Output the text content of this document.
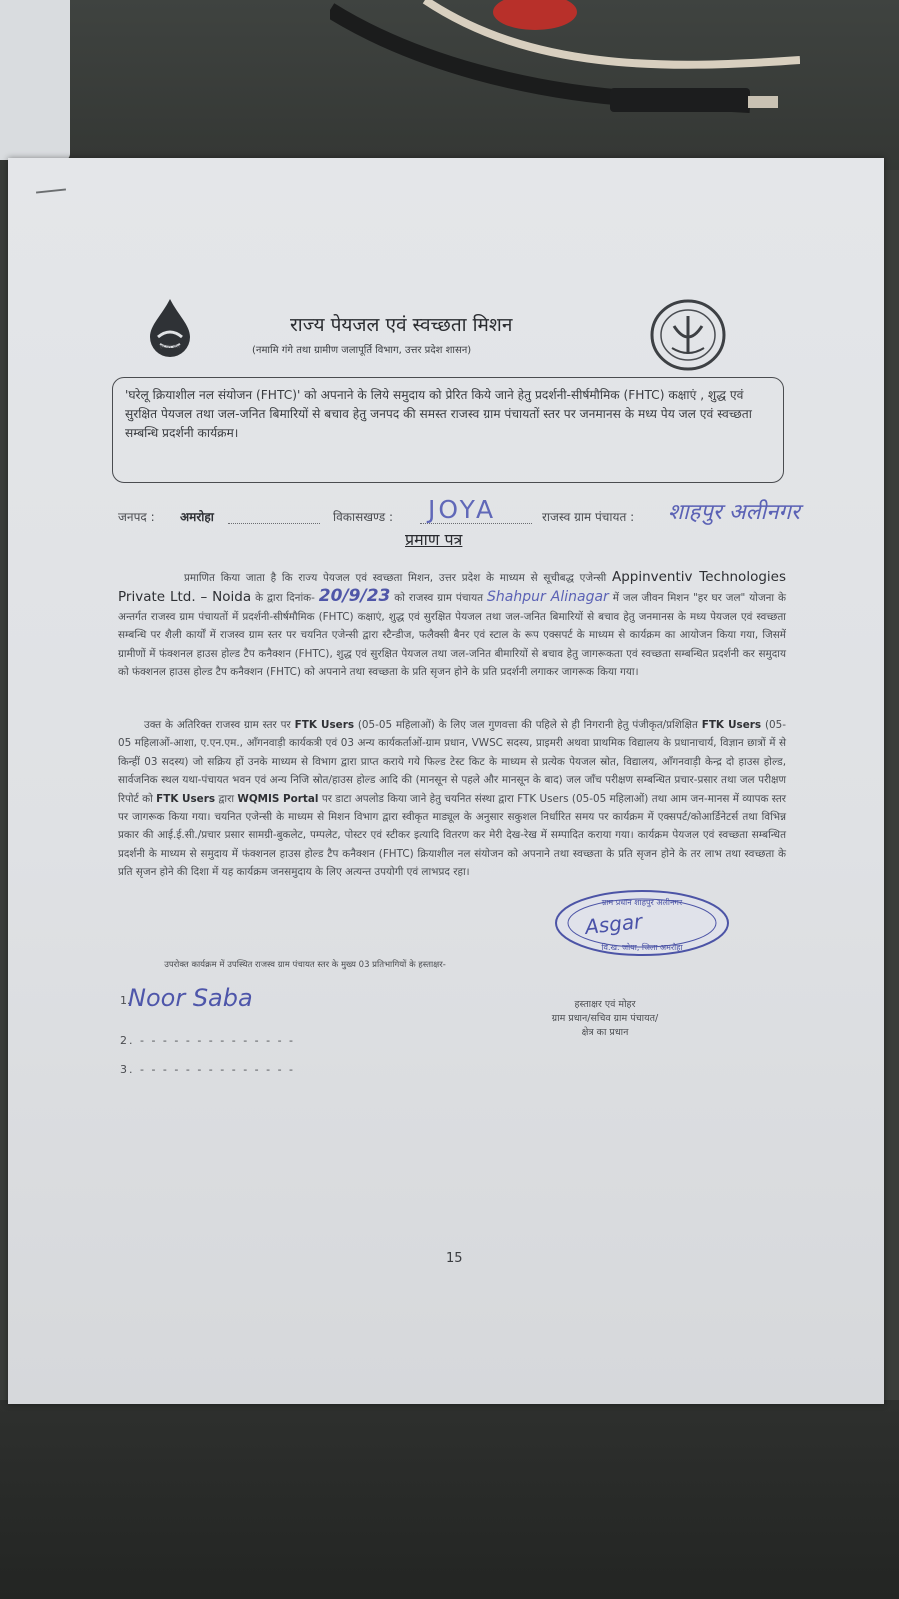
हर घर जल
राज्य पेयजल एवं स्वच्छता मिशन
(नमामि गंगे तथा ग्रामीण जलापूर्ति विभाग, उत्तर प्रदेश शासन)
'घरेलू क्रियाशील नल संयोजन (FHTC)' को अपनाने के लिये समुदाय को प्रेरित किये जाने हेतु प्रदर्शनी-सीर्षमौमिक (FHTC) कक्षाएं , शुद्ध एवं सुरक्षित पेयजल तथा जल-जनित बिमारियों से बचाव हेतु जनपद की समस्त राजस्व ग्राम पंचायतों स्तर पर जनमानस के मध्य पेय जल एवं स्वच्छता सम्बन्धि प्रदर्शनी कार्यक्रम।
जनपद : अमरोहा	विकासखण्ड : JOYA	राजस्व ग्राम पंचायत : शाहपुर अलीनगर
प्रमाण पत्र
प्रमाणित किया जाता है कि राज्य पेयजल एवं स्वच्छता मिशन, उत्तर प्रदेश के माध्यम से सूचीबद्ध एजेन्सी Appinventiv Technologies Private Ltd. – Noida के द्वारा दिनांक- 20/9/23 को राजस्व ग्राम पंचायत Shahpur Alinagar में जल जीवन मिशन "हर घर जल" योजना के अन्तर्गत राजस्व ग्राम पंचायतों में प्रदर्शनी-सीर्षमौमिक (FHTC) कक्षाएं, शुद्ध एवं सुरक्षित पेयजल तथा जल-जनित बिमारियों से बचाव हेतु जनमानस के मध्य पेयजल एवं स्वच्छता सम्बन्धि पर शैली कार्यों में राजस्व ग्राम स्तर पर चयनित एजेन्सी द्वारा स्टैन्डीज, फलैक्सी बैनर एवं स्टाल के रूप एक्सपर्ट के माध्यम से कार्यक्रम का आयोजन किया गया, जिसमें ग्रामीणों में फंक्शनल हाउस होल्ड टैप कनैक्शन (FHTC), शुद्ध एवं सुरक्षित पेयजल तथा जल-जनित बीमारियों से बचाव हेतु जागरूकता एवं स्वच्छता सम्बन्धित प्रदर्शनी कर समुदाय को फंक्शनल हाउस होल्ड टैप कनैक्शन (FHTC) को अपनाने तथा स्वच्छता के प्रति सृजन होने के प्रति प्रदर्शनी लगाकर जागरूक किया गया।
उक्त के अतिरिक्त राजस्व ग्राम स्तर पर FTK Users (05-05 महिलाओं) के लिए जल गुणवत्ता की पहिले से ही निगरानी हेतु पंजीकृत/प्रशिक्षित FTK Users (05-05 महिलाओं-आशा, ए.एन.एम., आँगनवाड़ी कार्यकत्री एवं 03 अन्य कार्यकर्ताओं-ग्राम प्रधान, VWSC सदस्य, प्राइमरी अथवा प्राथमिक विद्यालय के प्रधानाचार्य, विज्ञान छात्रों में से किन्हीं 03 सदस्य) जो सक्रिय हों उनके माध्यम से विभाग द्वारा प्राप्त कराये गये फिल्ड टेस्ट किट के माध्यम से प्रत्येक पेयजल स्रोत, विद्यालय, आँगनवाड़ी केन्द्र दो हाउस होल्ड, सार्वजनिक स्थल यथा-पंचायत भवन एवं अन्य निजि स्रोत/हाउस होल्ड आदि की (मानसून से पहले और मानसून के बाद) जल जाँच परीक्षण सम्बन्धित प्रचार-प्रसार तथा जल परीक्षण रिपोर्ट को FTK Users द्वारा WQMIS Portal पर डाटा अपलोड किया जाने हेतु चयनित संस्था द्वारा FTK Users (05-05 महिलाओं) तथा आम जन-मानस में व्यापक स्तर पर जागरूक किया गया। चयनित एजेन्सी के माध्यम से मिशन विभाग द्वारा स्वीकृत माड्यूल के अनुसार सकुशल निर्धारित समय पर कार्यक्रम में एक्सपर्ट/कोआर्डिनेटर्स तथा विभिन्न प्रकार की आई.ई.सी./प्रचार प्रसार सामग्री-बुकलेट, पम्पलेट, पोस्टर एवं स्टीकर इत्यादि वितरण कर मेरी देख-रेख में सम्पादित कराया गया। कार्यक्रम पेयजल एवं स्वच्छता सम्बन्धित प्रदर्शनी के माध्यम से समुदाय में फंक्शनल हाउस होल्ड टैप कनैक्शन (FHTC) क्रियाशील नल संयोजन को अपनाने तथा स्वच्छता के प्रति सृजन होने के तर लाभ तथा स्वच्छता के प्रति सृजन होने की दिशा में यह कार्यक्रम जनसमुदाय के लिए अत्यन्त उपयोगी एवं लाभप्रद रहा।
ग्राम प्रधान शाहपुर अलीनगर
वि.ख. जोया, जिला अमरोहा
Asgar
उपरोक्त कार्यक्रम में उपस्थित राजस्व ग्राम पंचायत स्तर के मुख्य 03 प्रतिभागियों के हस्ताक्षर-
1.
Noor Saba
2. - - - - - - - - - - - - - -
3. - - - - - - - - - - - - - -
हस्ताक्षर एवं मोहर
ग्राम प्रधान/सचिव ग्राम पंचायत/
क्षेत्र का प्रधान
15
